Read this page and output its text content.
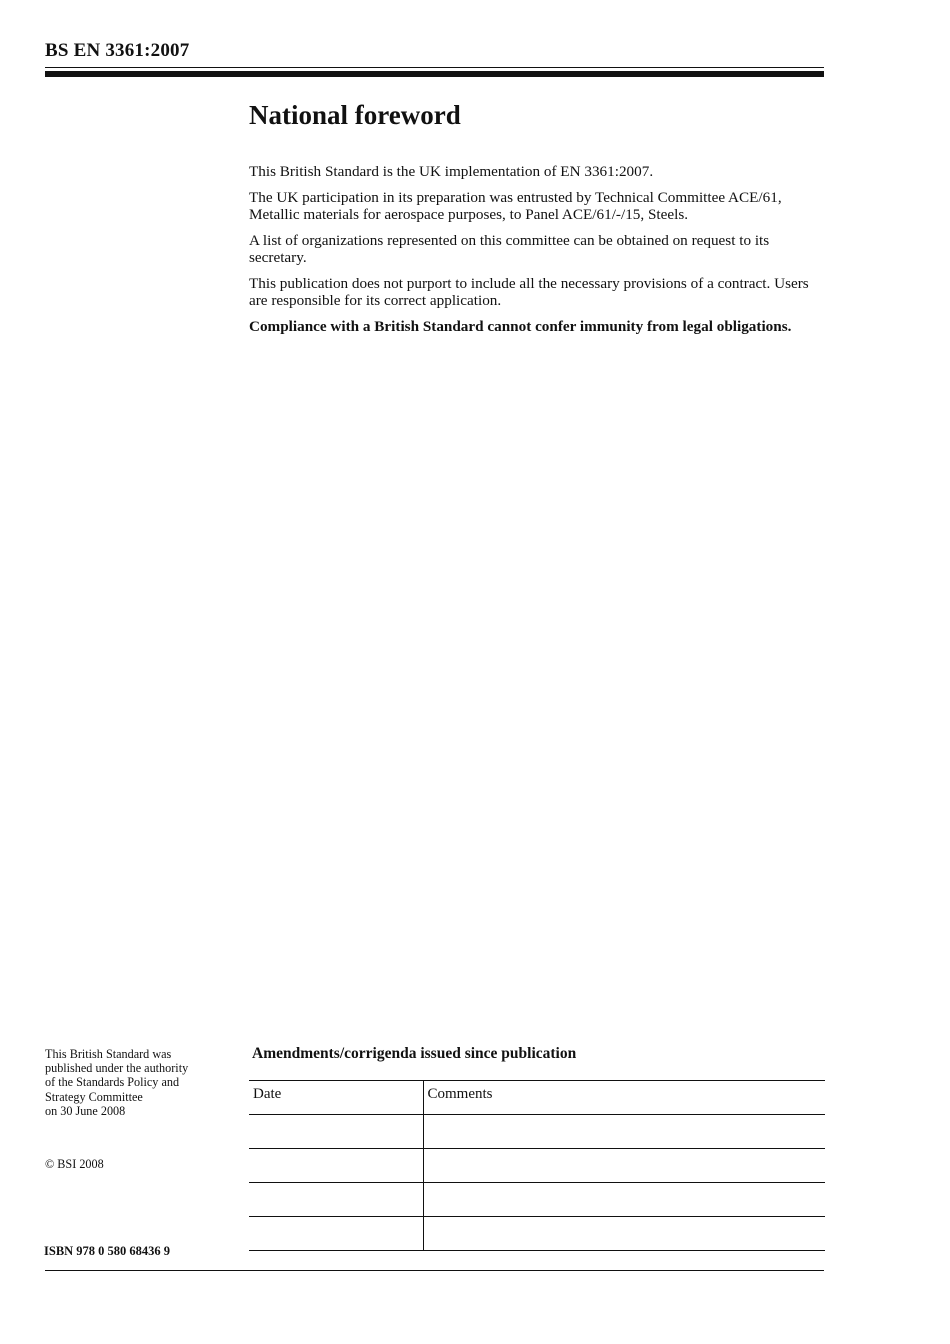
BS EN 3361:2007
National foreword

This British Standard is the UK implementation of EN 3361:2007.

The UK participation in its preparation was entrusted by Technical Committee ACE/61, Metallic materials for aerospace purposes, to Panel ACE/61/-/15, Steels.

A list of organizations represented on this committee can be obtained on request to its secretary.

This publication does not purport to include all the necessary provisions of a contract. Users are responsible for its correct application.

Compliance with a British Standard cannot confer immunity from legal obligations.

This British Standard was

published under the authority

of the Standards Policy and

Strategy Committee

on 30 June 2008

© BSI 2008
ISBN 978 0 580 68436 9
Amendments/corrigenda issued since publication
Date	Comments
